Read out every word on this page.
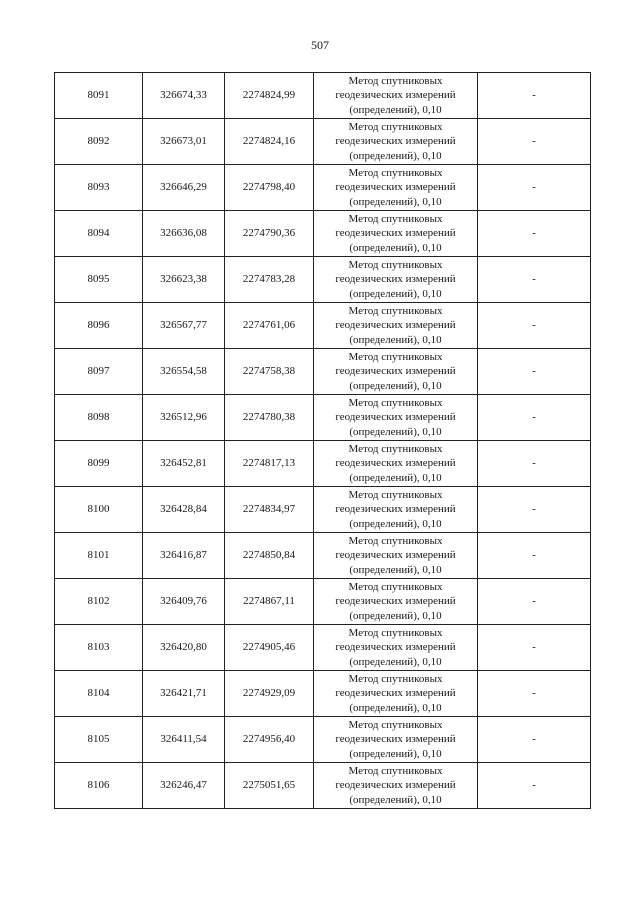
507
8091	326674,33	2274824,99	Метод спутниковых
геодезических измерений
(определений), 0,10	-
8092	326673,01	2274824,16	Метод спутниковых
геодезических измерений
(определений), 0,10	-
8093	326646,29	2274798,40	Метод спутниковых
геодезических измерений
(определений), 0,10	-
8094	326636,08	2274790,36	Метод спутниковых
геодезических измерений
(определений), 0,10	-
8095	326623,38	2274783,28	Метод спутниковых
геодезических измерений
(определений), 0,10	-
8096	326567,77	2274761,06	Метод спутниковых
геодезических измерений
(определений), 0,10	-
8097	326554,58	2274758,38	Метод спутниковых
геодезических измерений
(определений), 0,10	-
8098	326512,96	2274780,38	Метод спутниковых
геодезических измерений
(определений), 0,10	-
8099	326452,81	2274817,13	Метод спутниковых
геодезических измерений
(определений), 0,10	-
8100	326428,84	2274834,97	Метод спутниковых
геодезических измерений
(определений), 0,10	-
8101	326416,87	2274850,84	Метод спутниковых
геодезических измерений
(определений), 0,10	-
8102	326409,76	2274867,11	Метод спутниковых
геодезических измерений
(определений), 0,10	-
8103	326420,80	2274905,46	Метод спутниковых
геодезических измерений
(определений), 0,10	-
8104	326421,71	2274929,09	Метод спутниковых
геодезических измерений
(определений), 0,10	-
8105	326411,54	2274956,40	Метод спутниковых
геодезических измерений
(определений), 0,10	-
8106	326246,47	2275051,65	Метод спутниковых
геодезических измерений
(определений), 0,10	-
